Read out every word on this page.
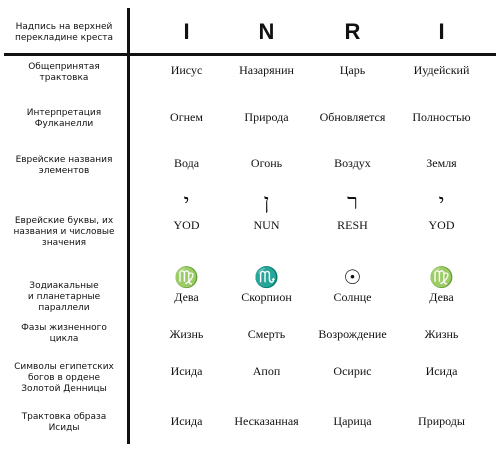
Надпись на верхней
перекладине креста	I	N	R	I
Общепринятая
трактовка
Иисус	Назарянин	Царь	Иудейский
Интерпретация
Фулканелли	Огнем	Природа	Обновляется	Полностью
Еврейские названия
элементов
Вода	Огонь	Воздух	Земля
Еврейские буквы, их
названия и числовые
значения
י	ן	ר	י
YOD	NUN	RESH	YOD
Зодиакальные
и планетарные
параллели
♍	♏	☉	♍
Дева	Скорпион	Солнце	Дева
Фазы жизненного
цикла	Жизнь	Смерть	Возрождение	Жизнь
Символы египетских
богов в ордене
Золотой Денницы
Исида	Апоп	Осирис	Исида
Трактовка образа
Исиды	Исида	Несказанная	Царица	Природы
